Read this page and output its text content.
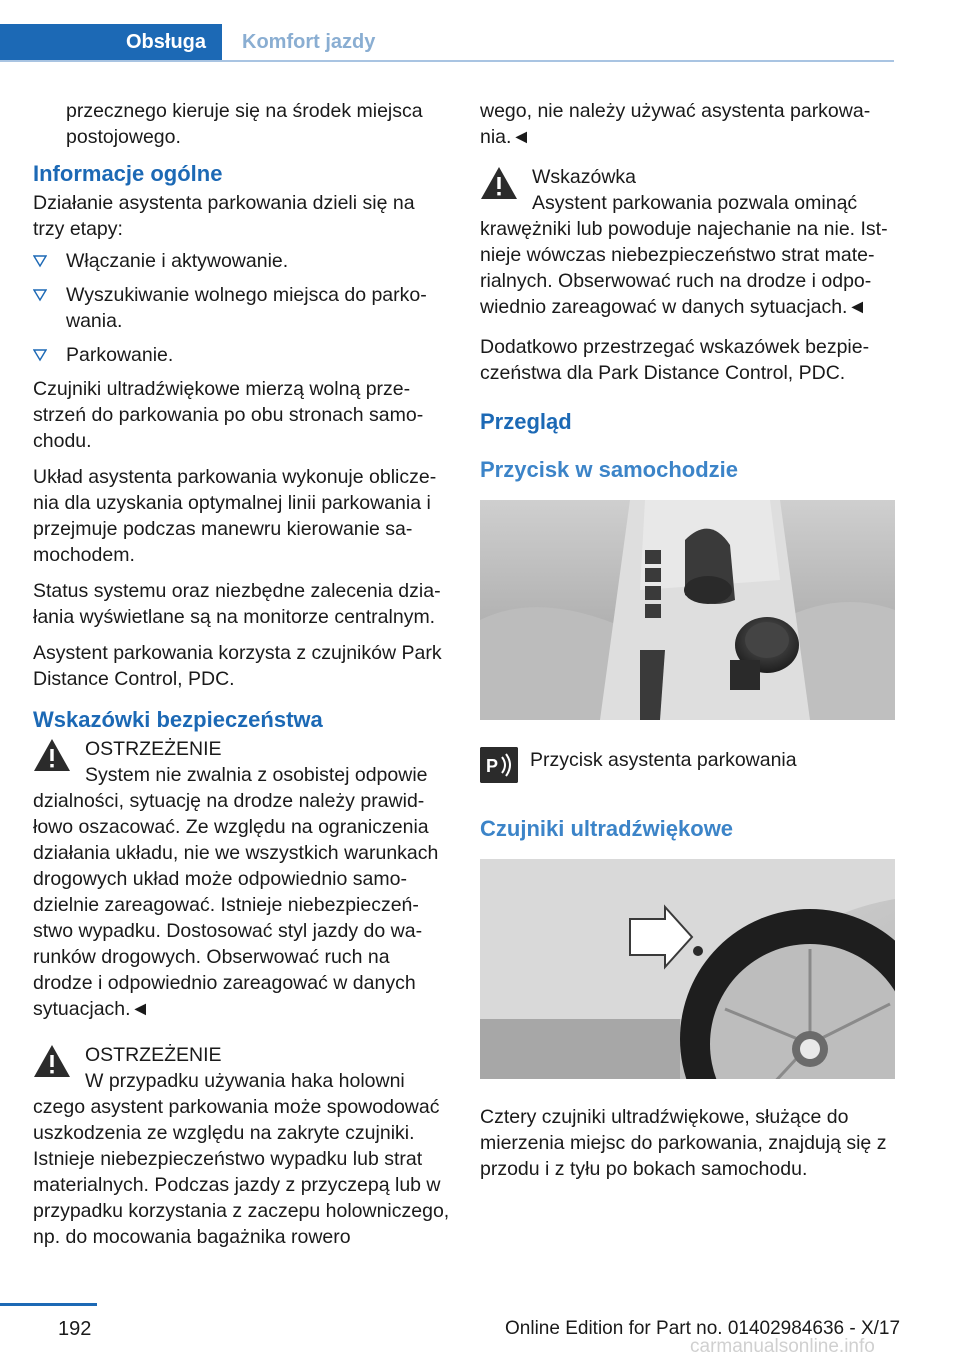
Obsługa	Komfort jazdy

przecznego kieruje się na środek miejsca postojowego.

Informacje ogólne

Działanie asystenta parkowania dzieli się na trzy etapy:

Włączanie i aktywowanie.
Wyszukiwanie wolnego miejsca do parkowania.
Parkowanie.

Czujniki ultradźwiękowe mierzą wolną przestrzeń do parkowania po obu stronach samochodu.

Układ asystenta parkowania wykonuje obliczenia dla uzyskania optymalnej linii parkowania i przejmuje podczas manewru kierowanie samochodem.

Status systemu oraz niezbędne zalecenia działania wyświetlane są na monitorze centralnym.

Asystent parkowania korzysta z czujników Park Distance Control, PDC.

Wskazówki bezpieczeństwa

OSTRZEŻENIE

System nie zwalnia z osobistej odpowie

dzialności, sytuację na drodze należy prawidłowo oszacować. Ze względu na ograniczenia działania układu, nie we wszystkich warunkach drogowych układ może odpowiednio samodzielnie zareagować. Istnieje niebezpieczeństwo wypadku. Dostosować styl jazdy do warunków drogowych. Obserwować ruch na drodze i odpowiednio zareagować w danych sytuacjach.◄

OSTRZEŻENIE

W przypadku używania haka holowni

czego asystent parkowania może spowodować uszkodzenia ze względu na zakryte czujniki. Istnieje niebezpieczeństwo wypadku lub strat materialnych. Podczas jazdy z przyczepą lub w przypadku korzystania z zaczepu holowniczego, np. do mocowania bagażnika rowero

wego, nie należy używać asystenta parkowania.◄

Wskazówka

Asystent parkowania pozwala ominąć

krawężniki lub powoduje najechanie na nie. Istnieje wówczas niebezpieczeństwo strat materialnych. Obserwować ruch na drodze i odpowiednio zareagować w danych sytuacjach.◄

Dodatkowo przestrzegać wskazówek bezpieczeństwa dla Park Distance Control, PDC.

Przegląd
Przycisk w samochodzie
P	Przycisk asystenta parkowania
Czujniki ultradźwiękowe

Cztery czujniki ultradźwiękowe, służące do mierzenia miejsc do parkowania, znajdują się z przodu i z tyłu po bokach samochodu.

192	Online Edition for Part no. 01402984636 - X/17
carmanualsonline.info
